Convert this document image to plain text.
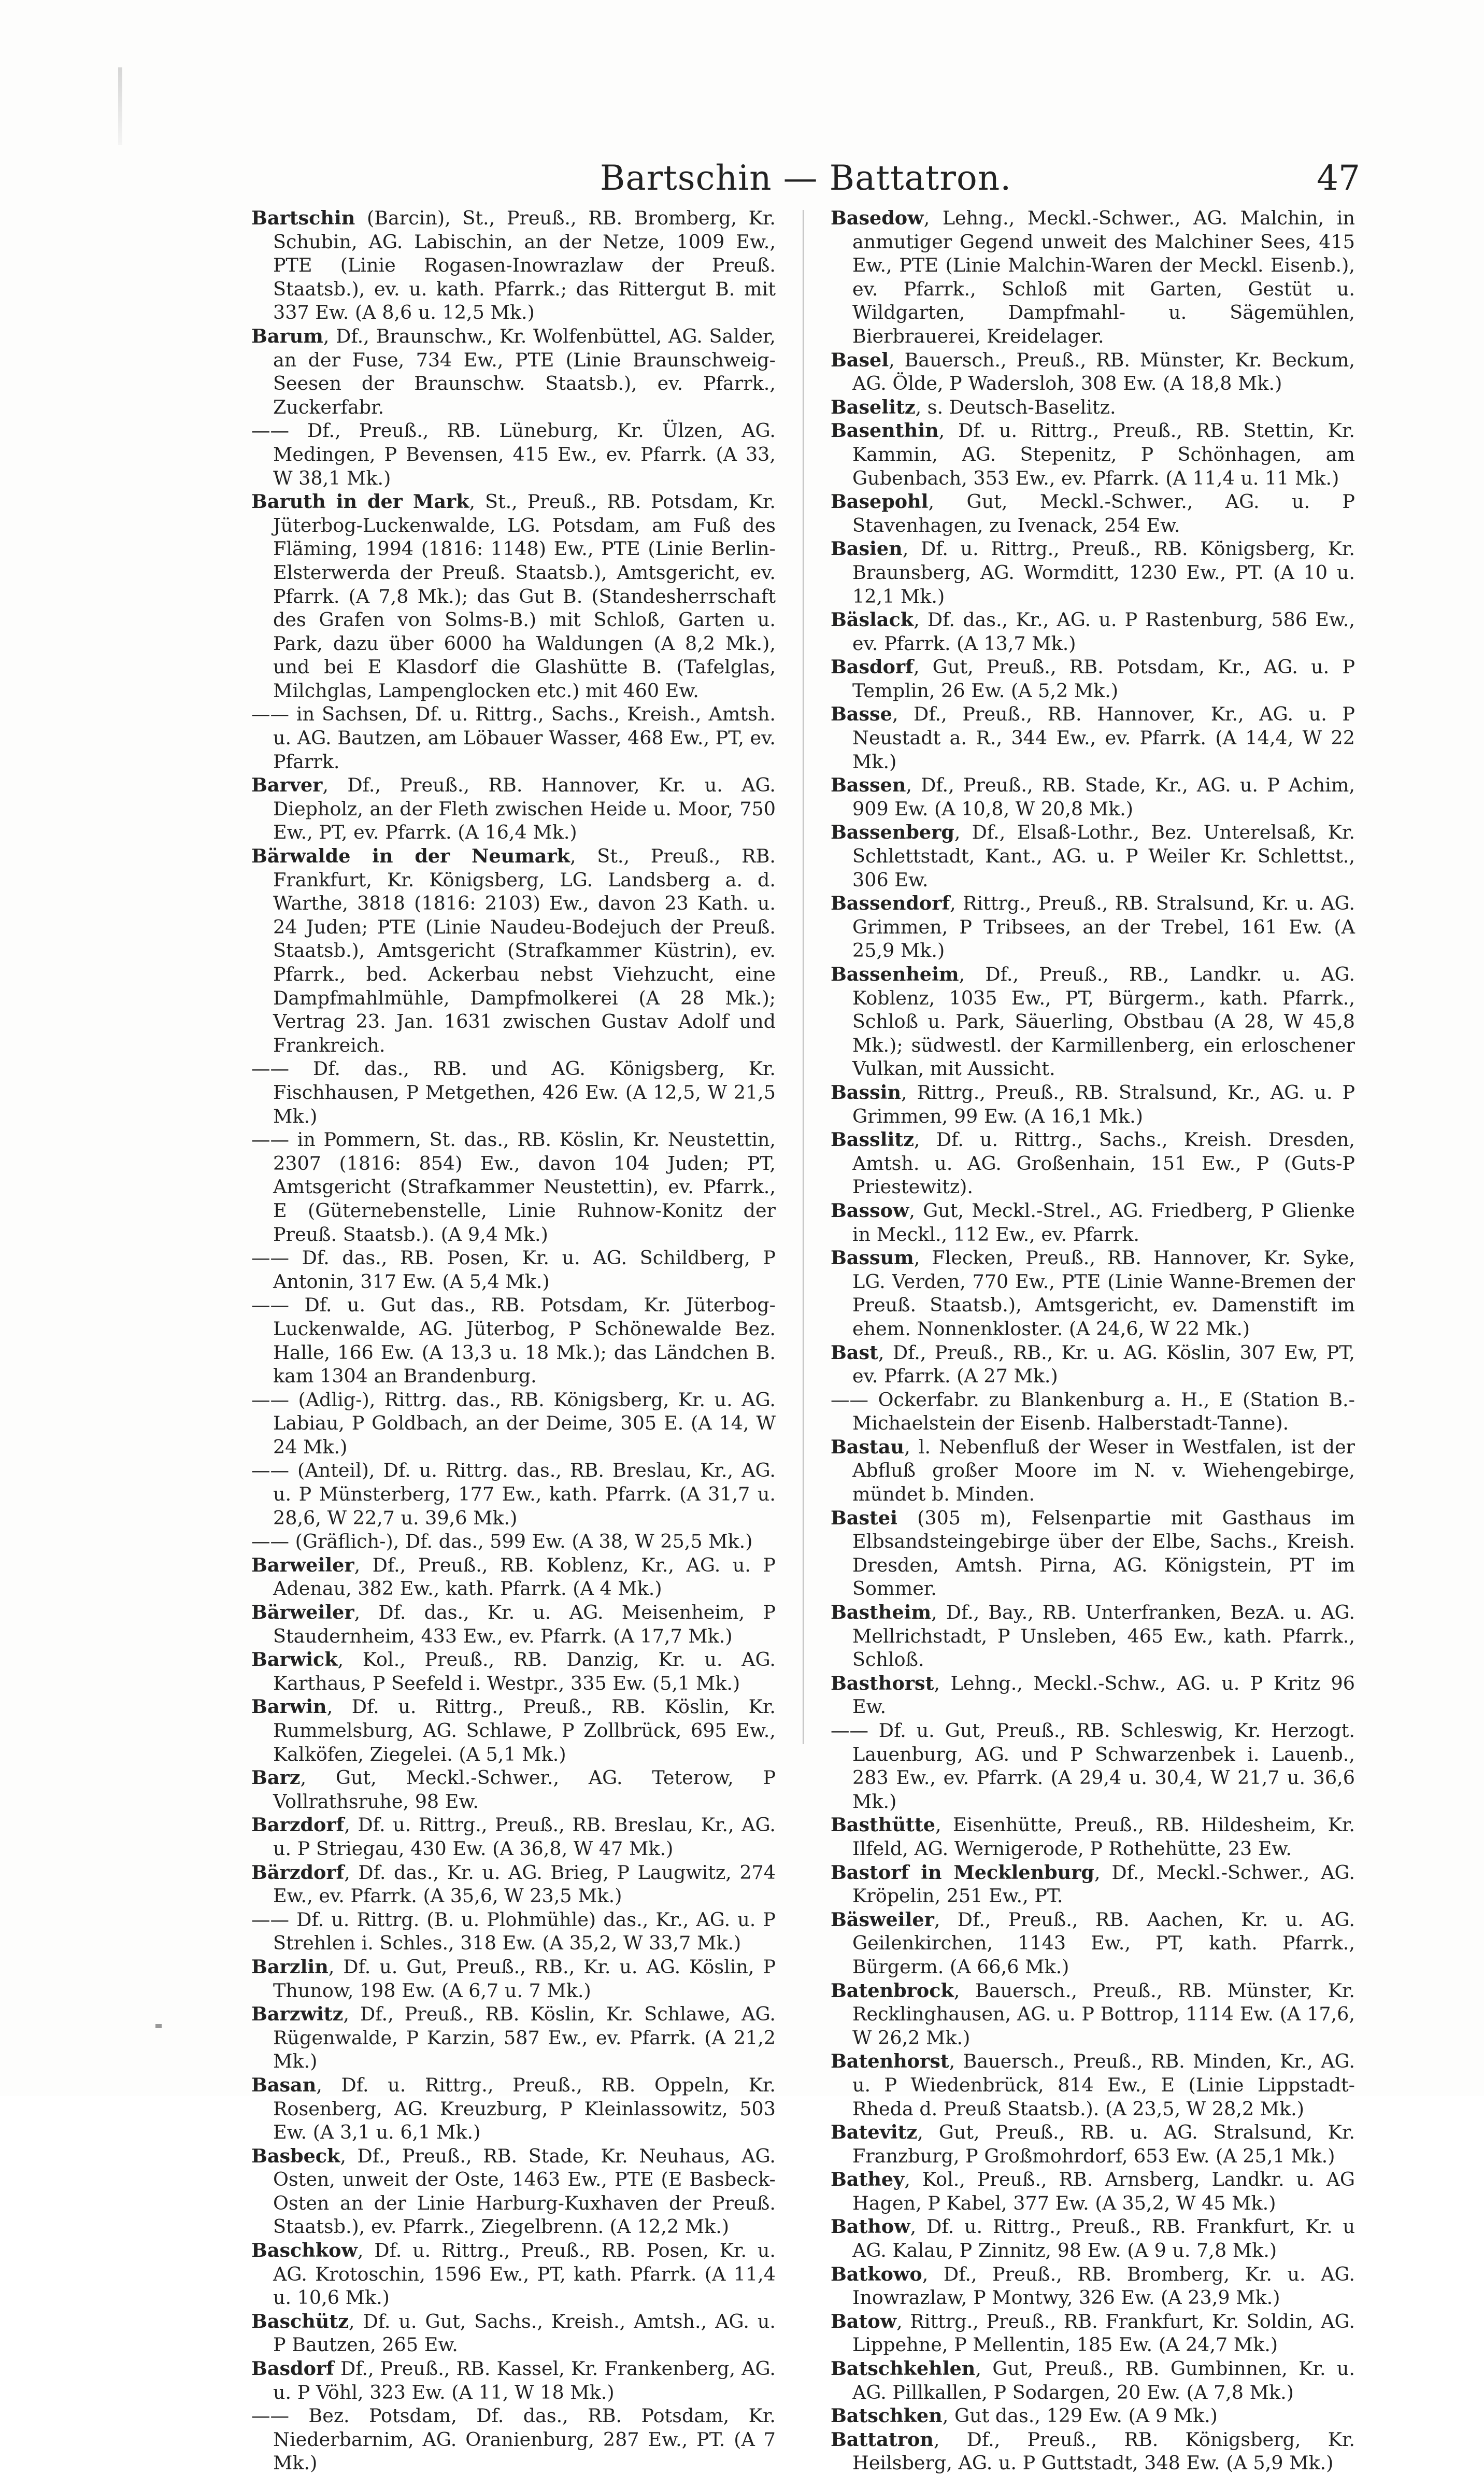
Bartschin — Battatron.	47

Bartschin (Barcin), St., Preuß., RB. Bromberg, Kr. Schubin, AG. Labischin, an der Netze, 1009 Ew., PTE (Linie Rogasen-Inowrazlaw der Preuß. Staatsb.), ev. u. kath. Pfarrk.; das Rittergut B. mit 337 Ew. (A 8,6 u. 12,5 Mk.)

Barum, Df., Braunschw., Kr. Wolfenbüttel, AG. Salder, an der Fuse, 734 Ew., PTE (Linie Braunschweig-Seesen der Braunschw. Staatsb.), ev. Pfarrk., Zuckerfabr.

—— Df., Preuß., RB. Lüneburg, Kr. Ülzen, AG. Medingen, P Bevensen, 415 Ew., ev. Pfarrk. (A 33, W 38,1 Mk.)

Baruth in der Mark, St., Preuß., RB. Potsdam, Kr. Jüterbog-Luckenwalde, LG. Potsdam, am Fuß des Fläming, 1994 (1816: 1148) Ew., PTE (Linie Berlin-Elsterwerda der Preuß. Staatsb.), Amtsgericht, ev. Pfarrk. (A 7,8 Mk.); das Gut B. (Standesherrschaft des Grafen von Solms-B.) mit Schloß, Garten u. Park, dazu über 6000 ha Waldungen (A 8,2 Mk.), und bei E Klasdorf die Glashütte B. (Tafelglas, Milchglas, Lampenglocken etc.) mit 460 Ew.

—— in Sachsen, Df. u. Rittrg., Sachs., Kreish., Amtsh. u. AG. Bautzen, am Löbauer Wasser, 468 Ew., PT, ev. Pfarrk.

Barver, Df., Preuß., RB. Hannover, Kr. u. AG. Diepholz, an der Fleth zwischen Heide u. Moor, 750 Ew., PT, ev. Pfarrk. (A 16,4 Mk.)

Bärwalde in der Neumark, St., Preuß., RB. Frankfurt, Kr. Königsberg, LG. Landsberg a. d. Warthe, 3818 (1816: 2103) Ew., davon 23 Kath. u. 24 Juden; PTE (Linie Naudeu-Bodejuch der Preuß. Staatsb.), Amtsgericht (Strafkammer Küstrin), ev. Pfarrk., bed. Ackerbau nebst Viehzucht, eine Dampfmahlmühle, Dampfmolkerei (A 28 Mk.); Vertrag 23. Jan. 1631 zwischen Gustav Adolf und Frankreich.

—— Df. das., RB. und AG. Königsberg, Kr. Fischhausen, P Metgethen, 426 Ew. (A 12,5, W 21,5 Mk.)

—— in Pommern, St. das., RB. Köslin, Kr. Neustettin, 2307 (1816: 854) Ew., davon 104 Juden; PT, Amtsgericht (Strafkammer Neustettin), ev. Pfarrk., E (Güternebenstelle, Linie Ruhnow-Konitz der Preuß. Staatsb.). (A 9,4 Mk.)

—— Df. das., RB. Posen, Kr. u. AG. Schildberg, P Antonin, 317 Ew. (A 5,4 Mk.)

—— Df. u. Gut das., RB. Potsdam, Kr. Jüterbog-Luckenwalde, AG. Jüterbog, P Schönewalde Bez. Halle, 166 Ew. (A 13,3 u. 18 Mk.); das Ländchen B. kam 1304 an Brandenburg.

—— (Adlig-), Rittrg. das., RB. Königsberg, Kr. u. AG. Labiau, P Goldbach, an der Deime, 305 E. (A 14, W 24 Mk.)

—— (Anteil), Df. u. Rittrg. das., RB. Breslau, Kr., AG. u. P Münsterberg, 177 Ew., kath. Pfarrk. (A 31,7 u. 28,6, W 22,7 u. 39,6 Mk.)

—— (Gräflich-), Df. das., 599 Ew. (A 38, W 25,5 Mk.)

Barweiler, Df., Preuß., RB. Koblenz, Kr., AG. u. P Adenau, 382 Ew., kath. Pfarrk. (A 4 Mk.)

Bärweiler, Df. das., Kr. u. AG. Meisenheim, P Staudernheim, 433 Ew., ev. Pfarrk. (A 17,7 Mk.)

Barwick, Kol., Preuß., RB. Danzig, Kr. u. AG. Karthaus, P Seefeld i. Westpr., 335 Ew. (5,1 Mk.)

Barwin, Df. u. Rittrg., Preuß., RB. Köslin, Kr. Rummelsburg, AG. Schlawe, P Zollbrück, 695 Ew., Kalköfen, Ziegelei. (A 5,1 Mk.)

Barz, Gut, Meckl.-Schwer., AG. Teterow, P Vollrathsruhe, 98 Ew.

Barzdorf, Df. u. Rittrg., Preuß., RB. Breslau, Kr., AG. u. P Striegau, 430 Ew. (A 36,8, W 47 Mk.)

Bärzdorf, Df. das., Kr. u. AG. Brieg, P Laugwitz, 274 Ew., ev. Pfarrk. (A 35,6, W 23,5 Mk.)

—— Df. u. Rittrg. (B. u. Plohmühle) das., Kr., AG. u. P Strehlen i. Schles., 318 Ew. (A 35,2, W 33,7 Mk.)

Barzlin, Df. u. Gut, Preuß., RB., Kr. u. AG. Köslin, P Thunow, 198 Ew. (A 6,7 u. 7 Mk.)

Barzwitz, Df., Preuß., RB. Köslin, Kr. Schlawe, AG. Rügenwalde, P Karzin, 587 Ew., ev. Pfarrk. (A 21,2 Mk.)

Basan, Df. u. Rittrg., Preuß., RB. Oppeln, Kr. Rosenberg, AG. Kreuzburg, P Kleinlassowitz, 503 Ew. (A 3,1 u. 6,1 Mk.)

Basbeck, Df., Preuß., RB. Stade, Kr. Neuhaus, AG. Osten, unweit der Oste, 1463 Ew., PTE (E Basbeck-Osten an der Linie Harburg-Kuxhaven der Preuß. Staatsb.), ev. Pfarrk., Ziegelbrenn. (A 12,2 Mk.)

Baschkow, Df. u. Rittrg., Preuß., RB. Posen, Kr. u. AG. Krotoschin, 1596 Ew., PT, kath. Pfarrk. (A 11,4 u. 10,6 Mk.)

Baschütz, Df. u. Gut, Sachs., Kreish., Amtsh., AG. u. P Bautzen, 265 Ew.

Basdorf Df., Preuß., RB. Kassel, Kr. Frankenberg, AG. u. P Vöhl, 323 Ew. (A 11, W 18 Mk.)

—— Bez. Potsdam, Df. das., RB. Potsdam, Kr. Niederbarnim, AG. Oranienburg, 287 Ew., PT. (A 7 Mk.)

Basedow, Lehng., Meckl.-Schwer., AG. Malchin, in anmutiger Gegend unweit des Malchiner Sees, 415 Ew., PTE (Linie Malchin-Waren der Meckl. Eisenb.), ev. Pfarrk., Schloß mit Garten, Gestüt u. Wildgarten, Dampfmahl- u. Sägemühlen, Bierbrauerei, Kreidelager.

Basel, Bauersch., Preuß., RB. Münster, Kr. Beckum, AG. Ölde, P Wadersloh, 308 Ew. (A 18,8 Mk.)

Baselitz, s. Deutsch-Baselitz.

Basenthin, Df. u. Rittrg., Preuß., RB. Stettin, Kr. Kammin, AG. Stepenitz, P Schönhagen, am Gubenbach, 353 Ew., ev. Pfarrk. (A 11,4 u. 11 Mk.)

Basepohl, Gut, Meckl.-Schwer., AG. u. P Stavenhagen, zu Ivenack, 254 Ew.

Basien, Df. u. Rittrg., Preuß., RB. Königsberg, Kr. Braunsberg, AG. Wormditt, 1230 Ew., PT. (A 10 u. 12,1 Mk.)

Bäslack, Df. das., Kr., AG. u. P Rastenburg, 586 Ew., ev. Pfarrk. (A 13,7 Mk.)

Basdorf, Gut, Preuß., RB. Potsdam, Kr., AG. u. P Templin, 26 Ew. (A 5,2 Mk.)

Basse, Df., Preuß., RB. Hannover, Kr., AG. u. P Neustadt a. R., 344 Ew., ev. Pfarrk. (A 14,4, W 22 Mk.)

Bassen, Df., Preuß., RB. Stade, Kr., AG. u. P Achim, 909 Ew. (A 10,8, W 20,8 Mk.)

Bassenberg, Df., Elsaß-Lothr., Bez. Unterelsaß, Kr. Schlettstadt, Kant., AG. u. P Weiler Kr. Schlettst., 306 Ew.

Bassendorf, Rittrg., Preuß., RB. Stralsund, Kr. u. AG. Grimmen, P Tribsees, an der Trebel, 161 Ew. (A 25,9 Mk.)

Bassenheim, Df., Preuß., RB., Landkr. u. AG. Koblenz, 1035 Ew., PT, Bürgerm., kath. Pfarrk., Schloß u. Park, Säuerling, Obstbau (A 28, W 45,8 Mk.); südwestl. der Karmillenberg, ein erloschener Vulkan, mit Aussicht.

Bassin, Rittrg., Preuß., RB. Stralsund, Kr., AG. u. P Grimmen, 99 Ew. (A 16,1 Mk.)

Basslitz, Df. u. Rittrg., Sachs., Kreish. Dresden, Amtsh. u. AG. Großenhain, 151 Ew., P (Guts-P Priestewitz).

Bassow, Gut, Meckl.-Strel., AG. Friedberg, P Glienke in Meckl., 112 Ew., ev. Pfarrk.

Bassum, Flecken, Preuß., RB. Hannover, Kr. Syke, LG. Verden, 770 Ew., PTE (Linie Wanne-Bremen der Preuß. Staatsb.), Amtsgericht, ev. Damenstift im ehem. Nonnenkloster. (A 24,6, W 22 Mk.)

Bast, Df., Preuß., RB., Kr. u. AG. Köslin, 307 Ew, PT, ev. Pfarrk. (A 27 Mk.)

—— Ockerfabr. zu Blankenburg a. H., E (Station B.-Michaelstein der Eisenb. Halberstadt-Tanne).

Bastau, l. Nebenfluß der Weser in Westfalen, ist der Abfluß großer Moore im N. v. Wiehengebirge, mündet b. Minden.

Bastei (305 m), Felsenpartie mit Gasthaus im Elbsandsteingebirge über der Elbe, Sachs., Kreish. Dresden, Amtsh. Pirna, AG. Königstein, PT im Sommer.

Bastheim, Df., Bay., RB. Unterfranken, BezA. u. AG. Mellrichstadt, P Unsleben, 465 Ew., kath. Pfarrk., Schloß.

Basthorst, Lehng., Meckl.-Schw., AG. u. P Kritz 96 Ew.

—— Df. u. Gut, Preuß., RB. Schleswig, Kr. Herzogt. Lauenburg, AG. und P Schwarzenbek i. Lauenb., 283 Ew., ev. Pfarrk. (A 29,4 u. 30,4, W 21,7 u. 36,6 Mk.)

Basthütte, Eisenhütte, Preuß., RB. Hildesheim, Kr. Ilfeld, AG. Wernigerode, P Rothehütte, 23 Ew.

Bastorf in Mecklenburg, Df., Meckl.-Schwer., AG. Kröpelin, 251 Ew., PT.

Bäsweiler, Df., Preuß., RB. Aachen, Kr. u. AG. Geilenkirchen, 1143 Ew., PT, kath. Pfarrk., Bürgerm. (A 66,6 Mk.)

Batenbrock, Bauersch., Preuß., RB. Münster, Kr. Recklinghausen, AG. u. P Bottrop, 1114 Ew. (A 17,6, W 26,2 Mk.)

Batenhorst, Bauersch., Preuß., RB. Minden, Kr., AG. u. P Wiedenbrück, 814 Ew., E (Linie Lippstadt-Rheda d. Preuß Staatsb.). (A 23,5, W 28,2 Mk.)

Batevitz, Gut, Preuß., RB. u. AG. Stralsund, Kr. Franzburg, P Großmohrdorf, 653 Ew. (A 25,1 Mk.)

Bathey, Kol., Preuß., RB. Arnsberg, Landkr. u. AG Hagen, P Kabel, 377 Ew. (A 35,2, W 45 Mk.)

Bathow, Df. u. Rittrg., Preuß., RB. Frankfurt, Kr. u AG. Kalau, P Zinnitz, 98 Ew. (A 9 u. 7,8 Mk.)

Batkowo, Df., Preuß., RB. Bromberg, Kr. u. AG. Inowrazlaw, P Montwy, 326 Ew. (A 23,9 Mk.)

Batow, Rittrg., Preuß., RB. Frankfurt, Kr. Soldin, AG. Lippehne, P Mellentin, 185 Ew. (A 24,7 Mk.)

Batschkehlen, Gut, Preuß., RB. Gumbinnen, Kr. u. AG. Pillkallen, P Sodargen, 20 Ew. (A 7,8 Mk.)

Batschken, Gut das., 129 Ew. (A 9 Mk.)

Battatron, Df., Preuß., RB. Königsberg, Kr. Heilsberg, AG. u. P Guttstadt, 348 Ew. (A 5,9 Mk.)
